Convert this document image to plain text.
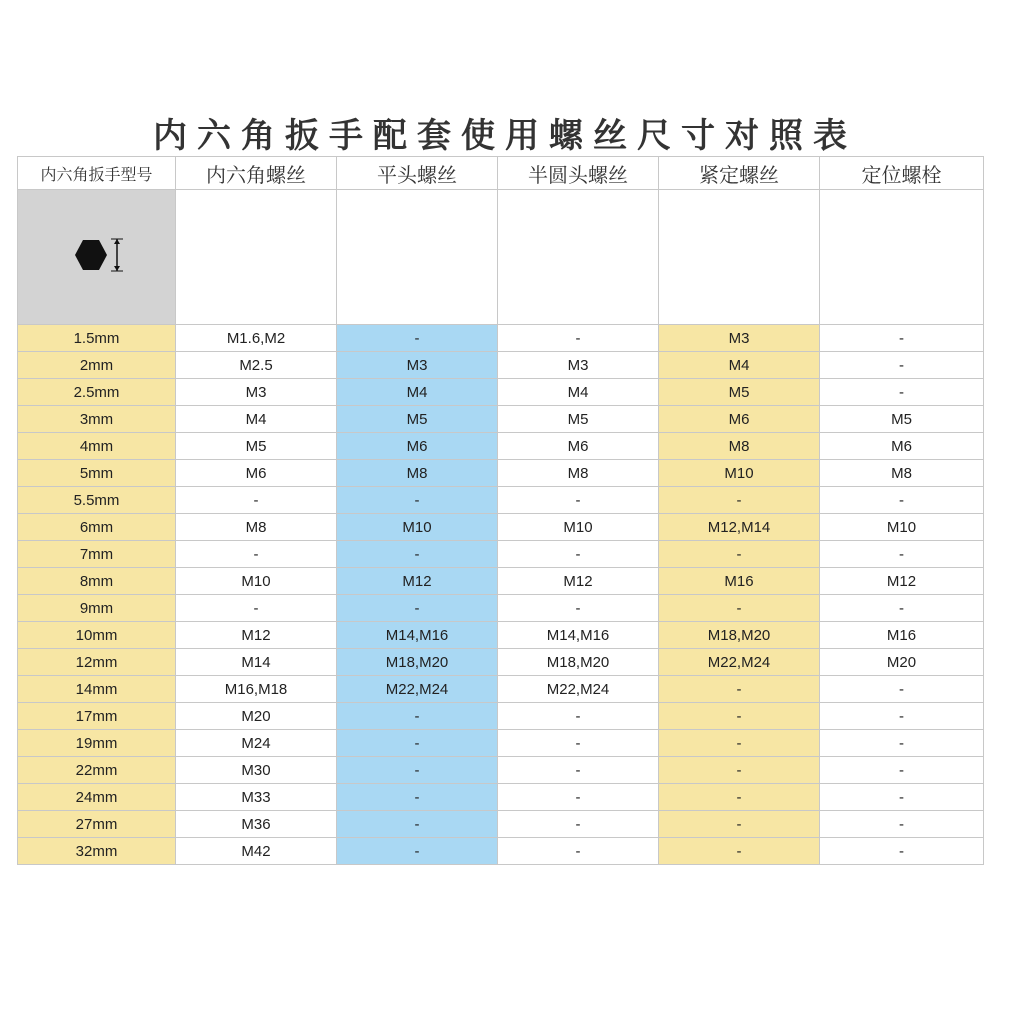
内六角扳手配套使用螺丝尺寸对照表
内六角扳手型号	内六角螺丝	平头螺丝	半圆头螺丝	紧定螺丝	定位螺栓

1.5mm	M1.6,M2	-	-	M3	-
2mm	M2.5	M3	M3	M4	-
2.5mm	M3	M4	M4	M5	-
3mm	M4	M5	M5	M6	M5
4mm	M5	M6	M6	M8	M6
5mm	M6	M8	M8	M10	M8
5.5mm	-	-	-	-	-
6mm	M8	M10	M10	M12,M14	M10
7mm	-	-	-	-	-
8mm	M10	M12	M12	M16	M12
9mm	-	-	-	-	-
10mm	M12	M14,M16	M14,M16	M18,M20	M16
12mm	M14	M18,M20	M18,M20	M22,M24	M20
14mm	M16,M18	M22,M24	M22,M24	-	-
17mm	M20	-	-	-	-
19mm	M24	-	-	-	-
22mm	M30	-	-	-	-
24mm	M33	-	-	-	-
27mm	M36	-	-	-	-
32mm	M42	-	-	-	-
